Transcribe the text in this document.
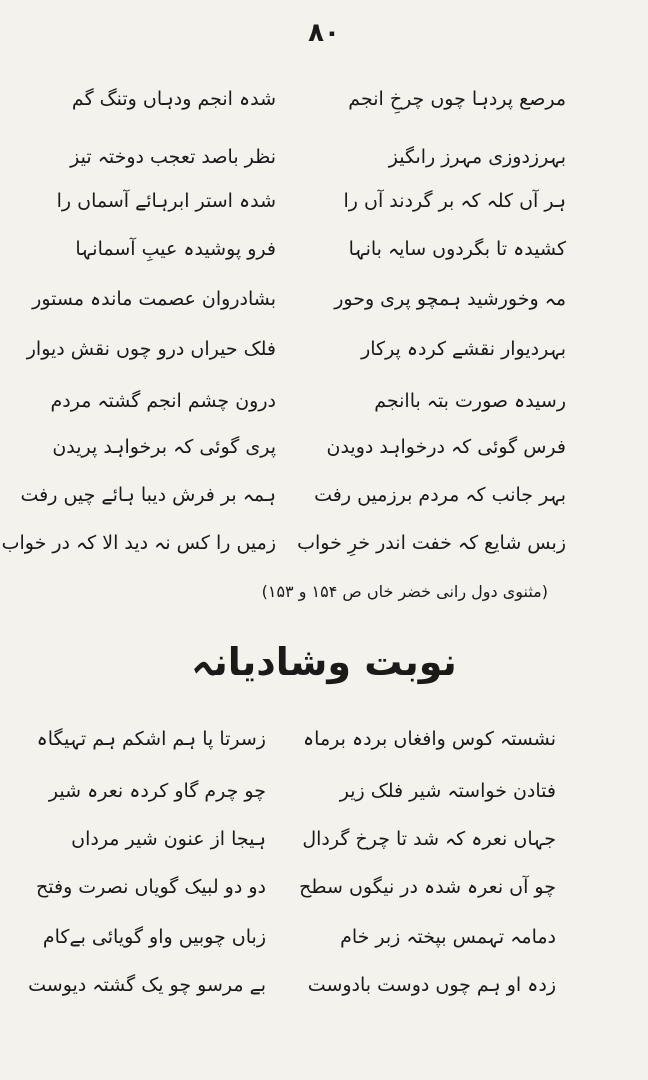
۸۰
مرصع پردہا چوں چرخِ انجم
شدہ انجم ودہاں وتنگ گم
بہرزدوزی مہرز راںگیز
نظر باصد تعجب دوختہ تیز
ہر آں کلہ کہ بر گردند آں را
شدہ استر ابرہائے آسماں را
کشیدہ تا بگردوں سایہ بانہا
فرو پوشیدہ عیبِ آسمانہا
مہ وخورشید ہمچو پری وحور
بشادروان عصمت ماندہ مستور
بہردیوار نقشے کردہ پرکار
فلک حیراں درو چوں نقش دیوار
رسیدہ صورت بتہ باانجم
درون چشم انجم گشتہ مردم
فرس گوئی کہ درخواہد دویدن
پری گوئی کہ برخواہد پریدن
بہر جانب کہ مردم برزمیں رفت
ہمہ بر فرش دیبا ہائے چیں رفت
زبس شایع کہ خفت اندر خرِ خواب
زمیں را کس نہ دید الا کہ در خواب
(مثنوی دول رانی خضر خاں ص ۱۵۴ و ۱۵۳)
نوبت وشادیانہ
نشستہ کوس وافغاں بردہ برماہ
زسرتا پا ہم اشکم ہم تہیگاہ
فتادن خواستہ شیر فلک زیر
چو چرم گاو کردہ نعرہ شیر
جہاں نعرہ کہ شد تا چرخ گردال
ہیجا از عنون شیر مرداں
چو آں نعرہ شدہ در نیگوں سطح
دو دو لبیک گویاں نصرت وفتح
دمامہ تہمس بپختہ زبر خام
زباں چوبیں واو گویائی بےکام
زدہ او ہم چوں دوست بادوست
بے مرسو چو یک گشتہ دیوست
